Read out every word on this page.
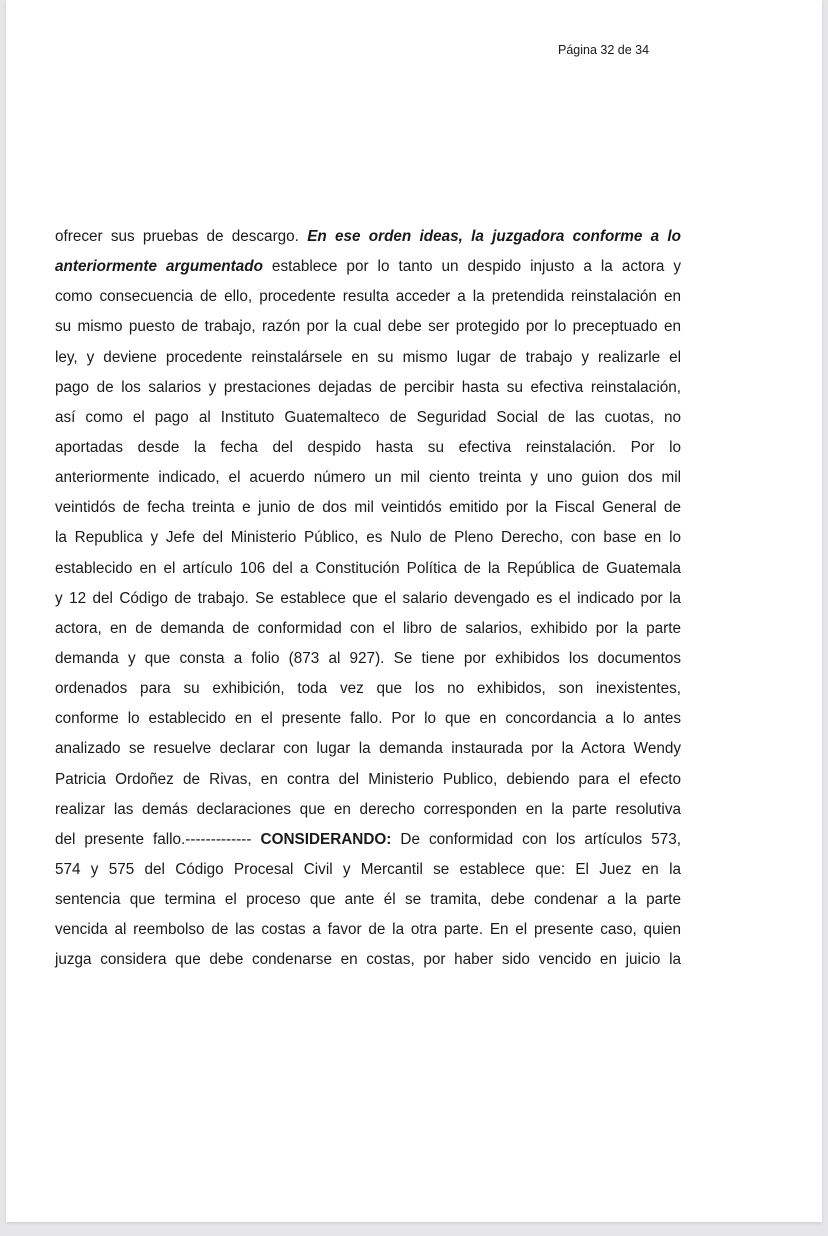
Página 32 de 34
ofrecer sus pruebas de descargo. En ese orden ideas, la juzgadora conforme a lo
anteriormente argumentado establece por lo tanto un despido injusto a la actora y
como consecuencia de ello, procedente resulta acceder a la pretendida reinstalación en
su mismo puesto de trabajo, razón por la cual debe ser protegido por lo preceptuado en
ley, y deviene procedente reinstalársele en su mismo lugar de trabajo y realizarle el
pago de los salarios y prestaciones dejadas de percibir hasta su efectiva reinstalación,
así como el pago al Instituto Guatemalteco de Seguridad Social de las cuotas, no
aportadas desde la fecha del despido hasta su efectiva reinstalación. Por lo
anteriormente indicado, el acuerdo número un mil ciento treinta y uno guion dos mil
veintidós de fecha treinta e junio de dos mil veintidós emitido por la Fiscal General de
la Republica y Jefe del Ministerio Público, es Nulo de Pleno Derecho, con base en lo
establecido en el artículo 106 del a Constitución Política de la República de Guatemala
y 12 del Código de trabajo. Se establece que el salario devengado es el indicado por la
actora, en de demanda de conformidad con el libro de salarios, exhibido por la parte
demanda y que consta a folio (873 al 927). Se tiene por exhibidos los documentos
ordenados para su exhibición, toda vez que los no exhibidos, son inexistentes,
conforme lo establecido en el presente fallo. Por lo que en concordancia a lo antes
analizado se resuelve declarar con lugar la demanda instaurada por la Actora Wendy
Patricia Ordoñez de Rivas, en contra del Ministerio Publico, debiendo para el efecto
realizar las demás declaraciones que en derecho corresponden en la parte resolutiva
del presente fallo.------------- CONSIDERANDO: De conformidad con los artículos 573,
574 y 575 del Código Procesal Civil y Mercantil se establece que: El Juez en la
sentencia que termina el proceso que ante él se tramita, debe condenar a la parte
vencida al reembolso de las costas a favor de la otra parte. En el presente caso, quien
juzga considera que debe condenarse en costas, por haber sido vencido en juicio la
